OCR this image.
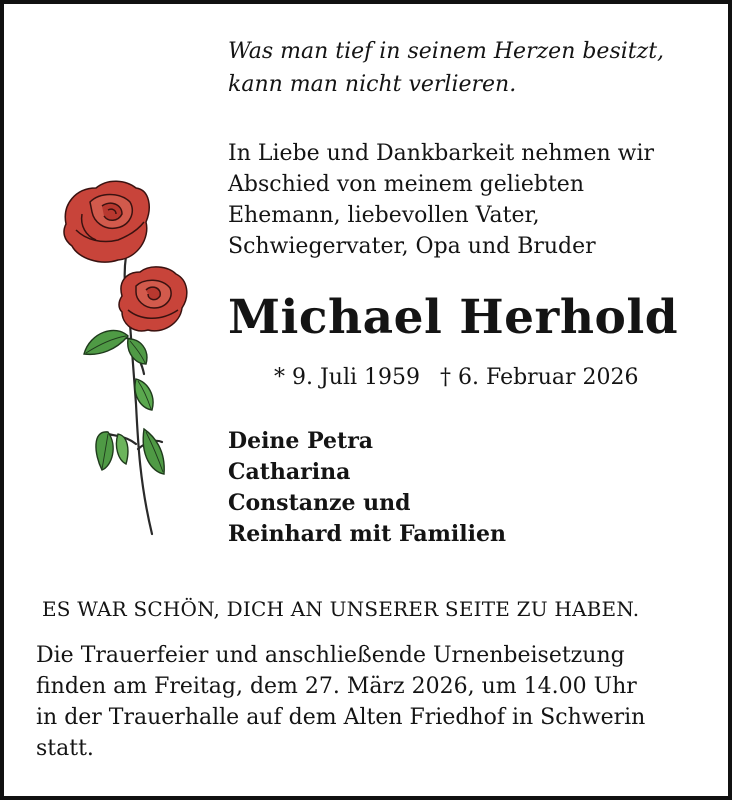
Was man tief in seinem Herzen besitzt,
kann man nicht verlieren.
In Liebe und Dankbarkeit nehmen wir
Abschied von meinem geliebten
Ehemann, liebevollen Vater,
Schwiegervater, Opa und Bruder
Michael Herhold
* 9. Juli 1959 † 6. Februar 2026
Deine Petra
Catharina
Constanze und
Reinhard mit Familien
ES WAR SCHÖN, DICH AN UNSERER SEITE ZU HABEN.
Die Trauerfeier und anschließende Urnenbeisetzung
finden am Freitag, dem 27. März 2026, um 14.00 Uhr
in der Trauerhalle auf dem Alten Friedhof in Schwerin
statt.
